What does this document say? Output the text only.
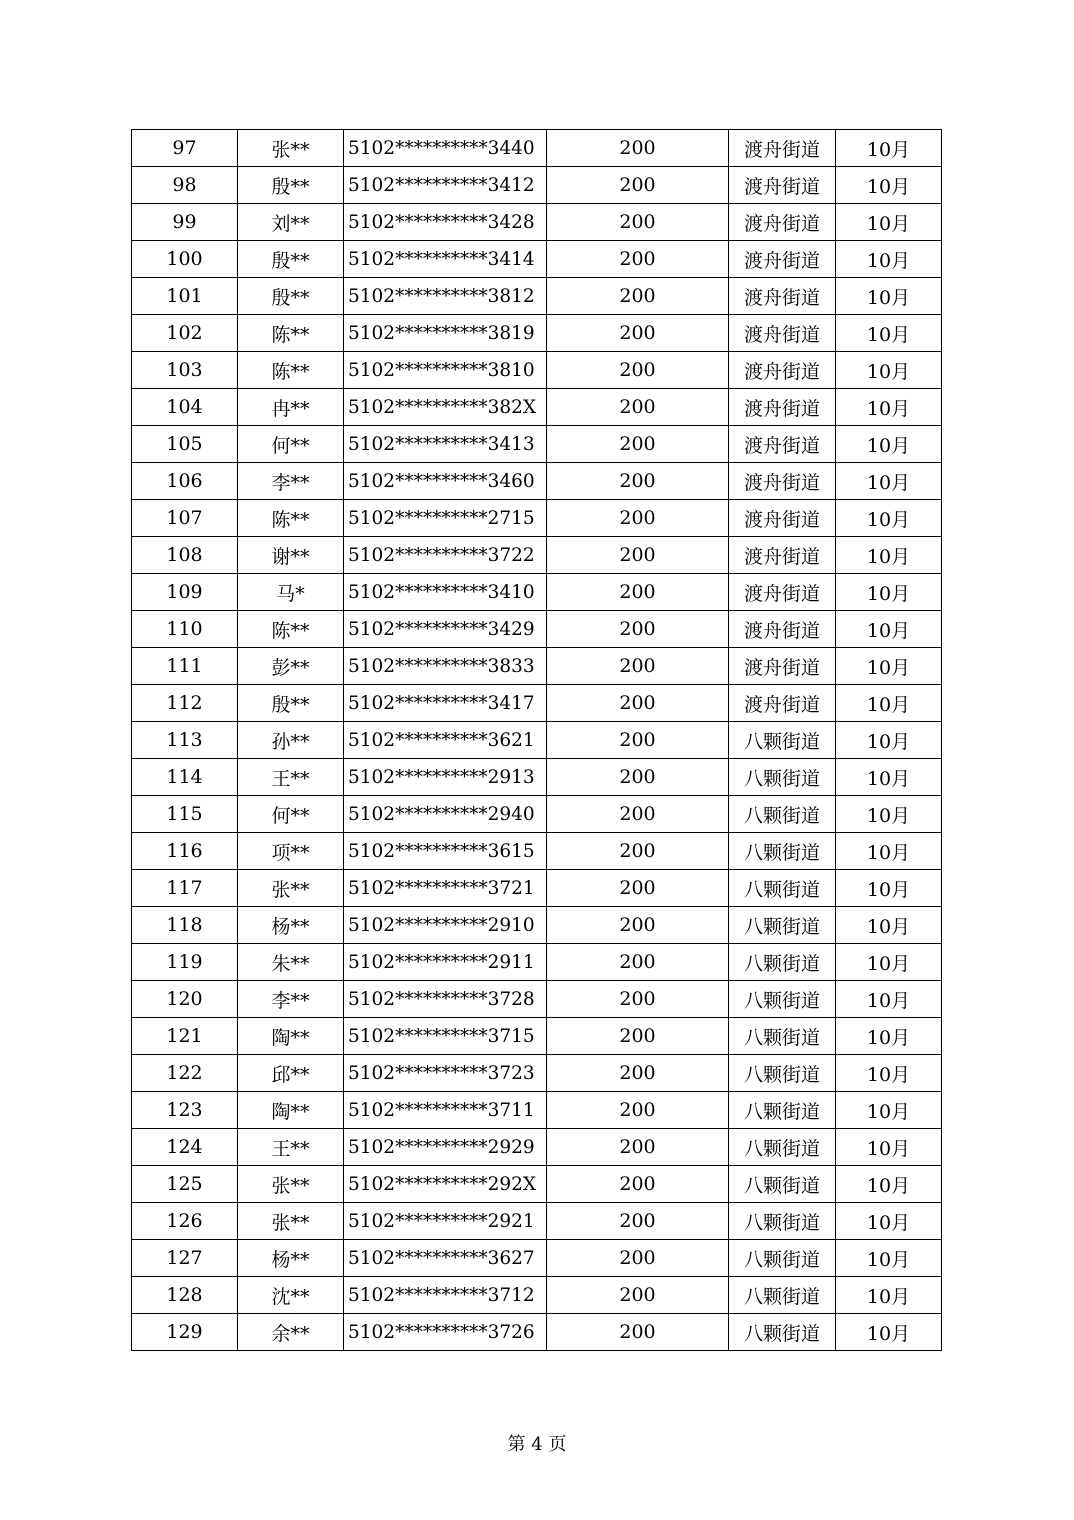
97	张**	5102**********3440	200	渡舟街道	10月
98	殷**	5102**********3412	200	渡舟街道	10月
99	刘**	5102**********3428	200	渡舟街道	10月
100	殷**	5102**********3414	200	渡舟街道	10月
101	殷**	5102**********3812	200	渡舟街道	10月
102	陈**	5102**********3819	200	渡舟街道	10月
103	陈**	5102**********3810	200	渡舟街道	10月
104	冉**	5102**********382X	200	渡舟街道	10月
105	何**	5102**********3413	200	渡舟街道	10月
106	李**	5102**********3460	200	渡舟街道	10月
107	陈**	5102**********2715	200	渡舟街道	10月
108	谢**	5102**********3722	200	渡舟街道	10月
109	马*	5102**********3410	200	渡舟街道	10月
110	陈**	5102**********3429	200	渡舟街道	10月
111	彭**	5102**********3833	200	渡舟街道	10月
112	殷**	5102**********3417	200	渡舟街道	10月
113	孙**	5102**********3621	200	八颗街道	10月
114	王**	5102**********2913	200	八颗街道	10月
115	何**	5102**********2940	200	八颗街道	10月
116	项**	5102**********3615	200	八颗街道	10月
117	张**	5102**********3721	200	八颗街道	10月
118	杨**	5102**********2910	200	八颗街道	10月
119	朱**	5102**********2911	200	八颗街道	10月
120	李**	5102**********3728	200	八颗街道	10月
121	陶**	5102**********3715	200	八颗街道	10月
122	邱**	5102**********3723	200	八颗街道	10月
123	陶**	5102**********3711	200	八颗街道	10月
124	王**	5102**********2929	200	八颗街道	10月
125	张**	5102**********292X	200	八颗街道	10月
126	张**	5102**********2921	200	八颗街道	10月
127	杨**	5102**********3627	200	八颗街道	10月
128	沈**	5102**********3712	200	八颗街道	10月
129	余**	5102**********3726	200	八颗街道	10月
第 4 页
